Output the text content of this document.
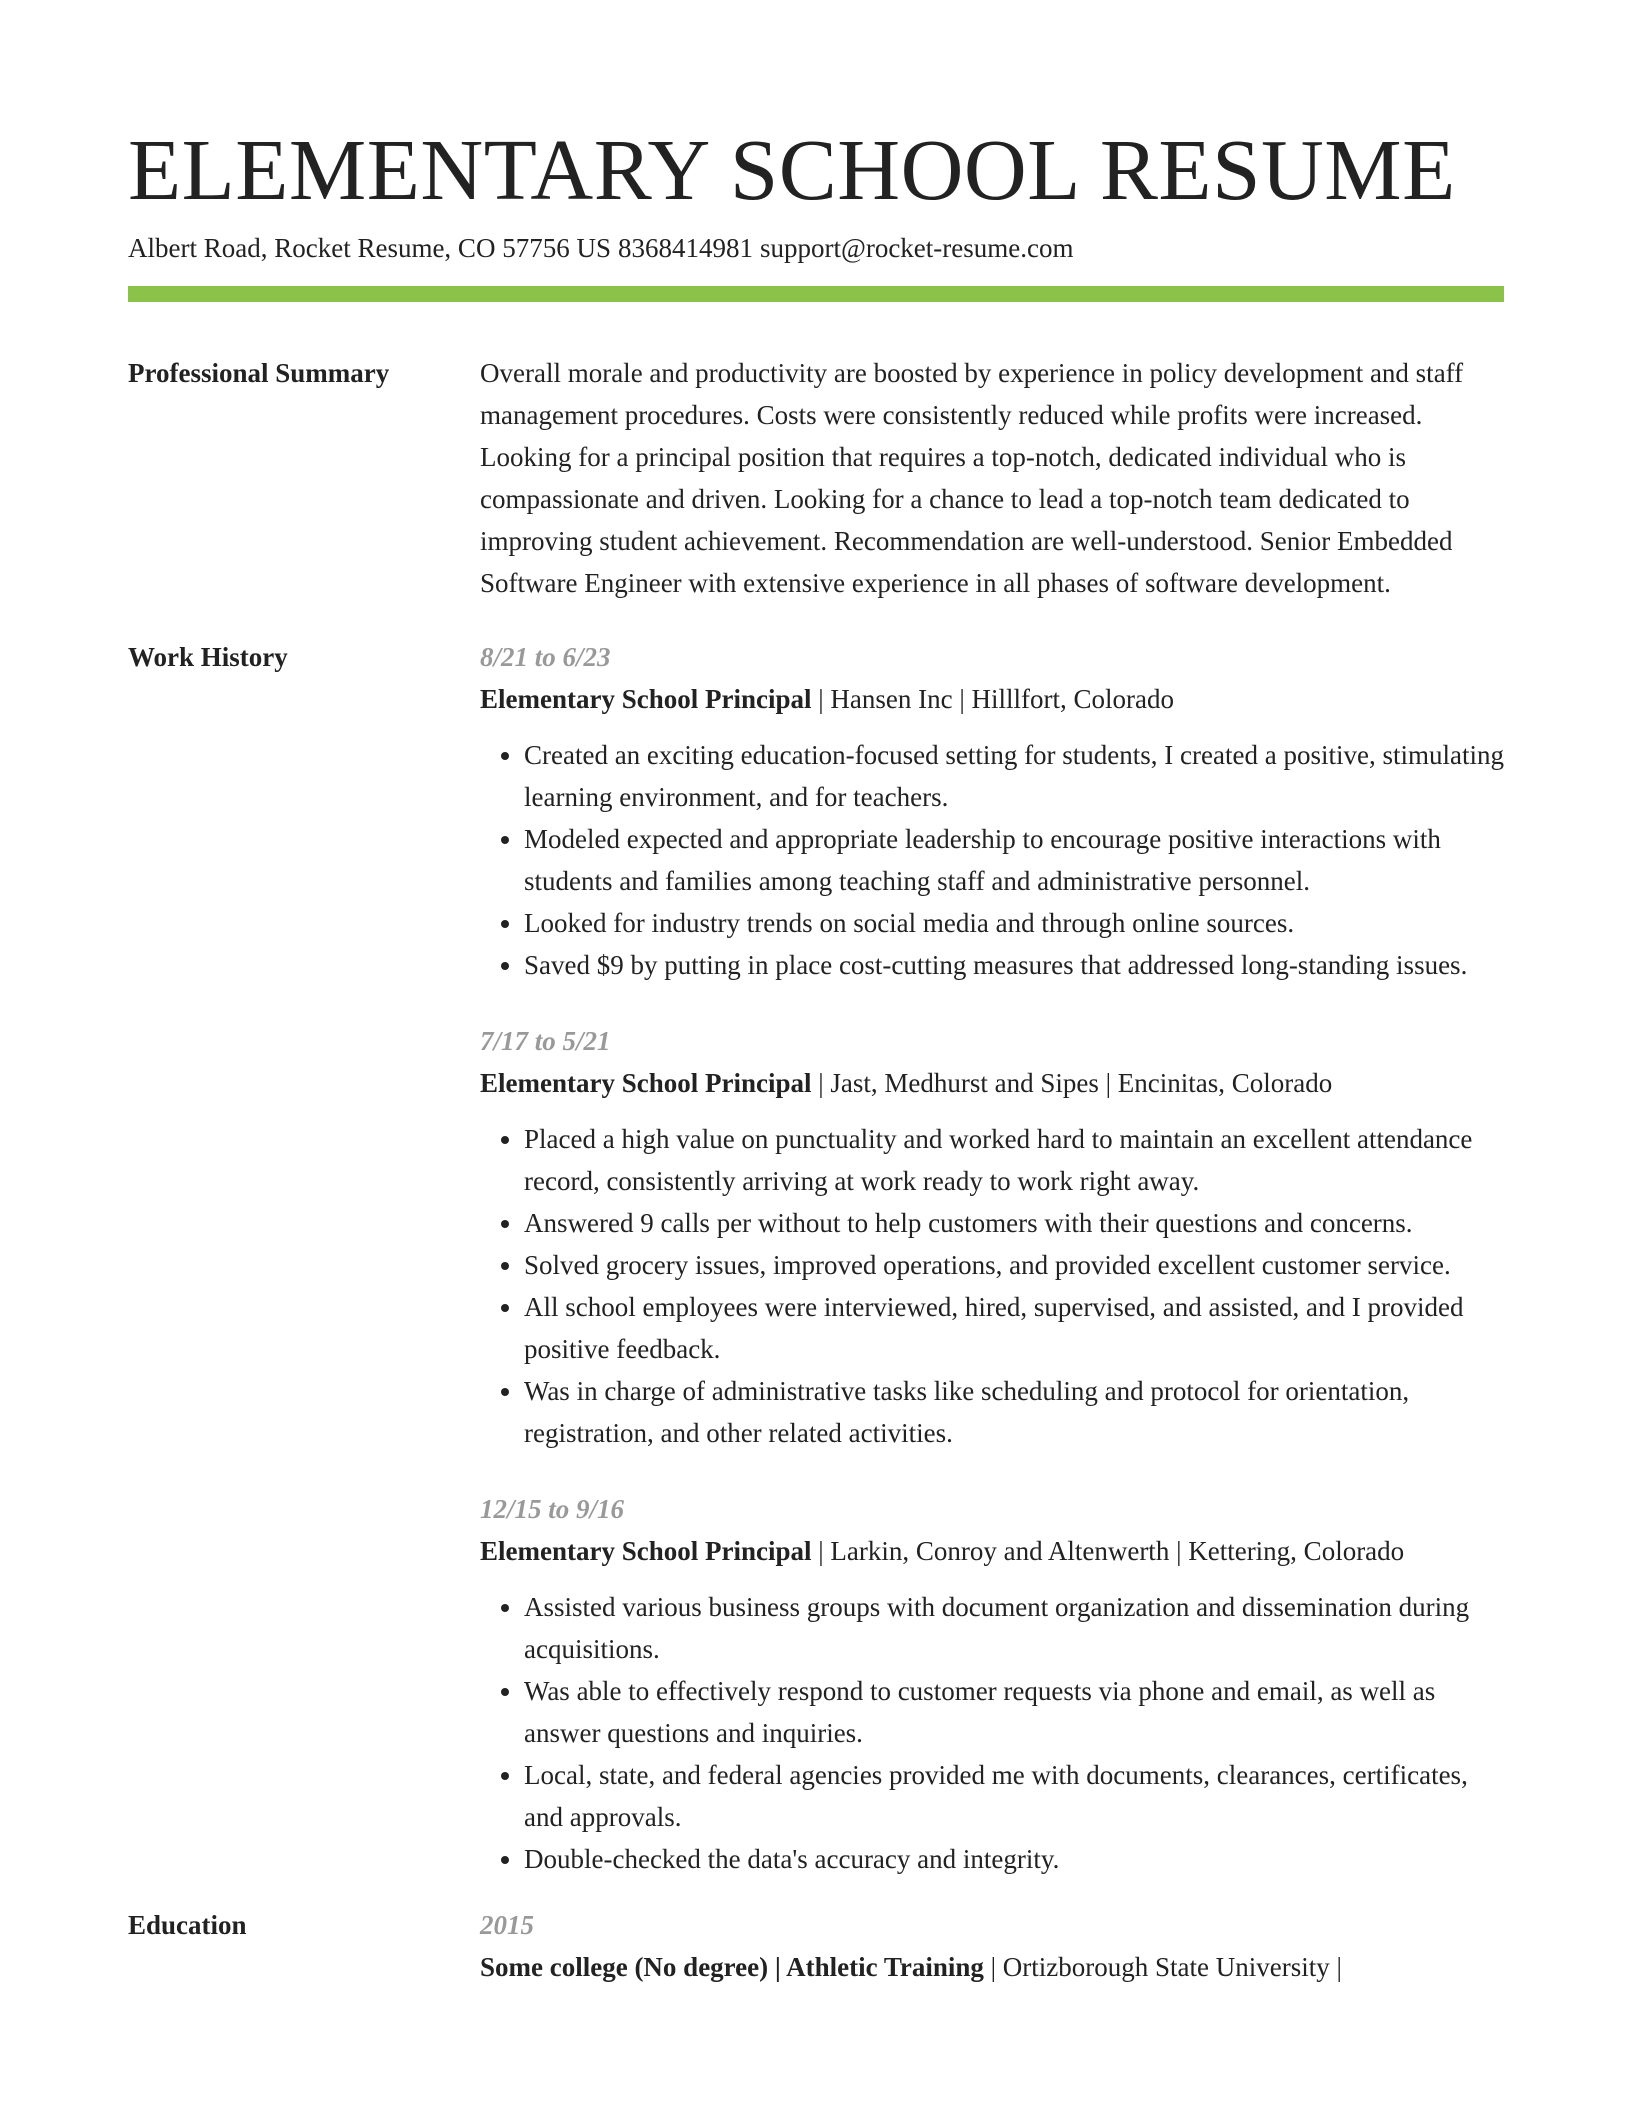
ELEMENTARY SCHOOL RESUME
Albert Road, Rocket Resume, CO 57756 US 8368414981 support@rocket-resume.com
Professional Summary	Overall morale and productivity are boosted by experience in policy development and staff management procedures. Costs were consistently reduced while profits were increased. Looking for a principal position that requires a top-notch, dedicated individual who is compassionate and driven. Looking for a chance to lead a top-notch team dedicated to improving student achievement. Recommendation are well-understood. Senior Embedded Software Engineer with extensive experience in all phases of software development.

Work History	8/21 to 6/23
Elementary School Principal | Hansen Inc | Hilllfort, Colorado
• Created an exciting education-focused setting for students, I created a positive, stimulating learning environment, and for teachers.
• Modeled expected and appropriate leadership to encourage positive interactions with students and families among teaching staff and administrative personnel.
• Looked for industry trends on social media and through online sources.
• Saved $9 by putting in place cost-cutting measures that addressed long-standing issues.
7/17 to 5/21
Elementary School Principal | Jast, Medhurst and Sipes | Encinitas, Colorado
• Placed a high value on punctuality and worked hard to maintain an excellent attendance record, consistently arriving at work ready to work right away.
• Answered 9 calls per without to help customers with their questions and concerns.
• Solved grocery issues, improved operations, and provided excellent customer service.
• All school employees were interviewed, hired, supervised, and assisted, and I provided positive feedback.
• Was in charge of administrative tasks like scheduling and protocol for orientation, registration, and other related activities.
12/15 to 9/16
Elementary School Principal | Larkin, Conroy and Altenwerth | Kettering, Colorado
• Assisted various business groups with document organization and dissemination during acquisitions.
• Was able to effectively respond to customer requests via phone and email, as well as answer questions and inquiries.
• Local, state, and federal agencies provided me with documents, clearances, certificates, and approvals.
• Double-checked the data's accuracy and integrity.
Education	2015
Some college (No degree) | Athletic Training | Ortizborough State University |
